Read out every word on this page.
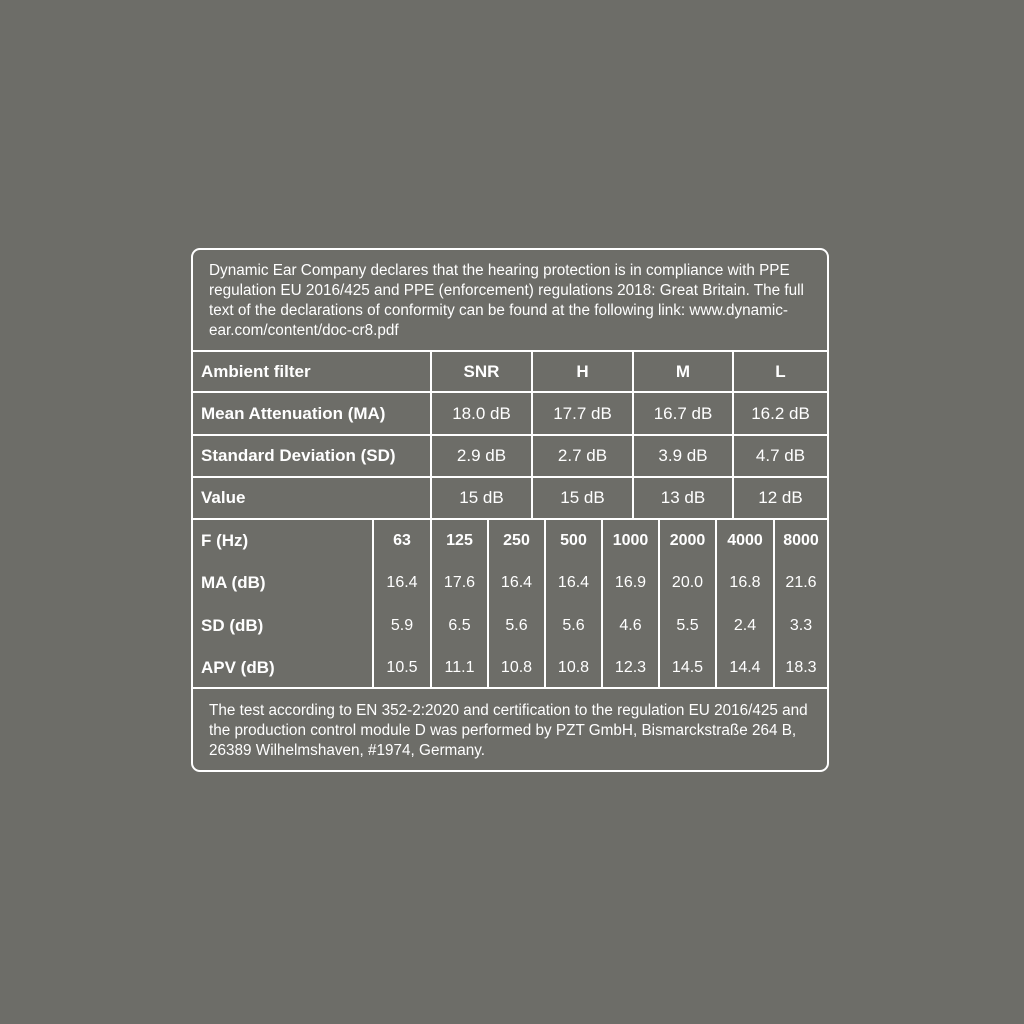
Dynamic Ear Company declares that the hearing protection is in compliance with PPE regulation EU 2016/425 and PPE (enforcement) regulations 2018: Great Britain. The full text of the declarations of conformity can be found at the following link: www.dynamic-ear.com/content/doc-cr8.pdf

Ambient filter	SNR	H	M	L
Mean Attenuation (MA)	18.0 dB	17.7 dB	16.7 dB	16.2 dB
Standard Deviation (SD)	2.9 dB	2.7 dB	3.9 dB	4.7 dB
Value	15 dB	15 dB	13 dB	12 dB
F (Hz)	63	125	250	500	1000	2000	4000	8000
MA (dB)	16.4	17.6	16.4	16.4	16.9	20.0	16.8	21.6
SD (dB)	5.9	6.5	5.6	5.6	4.6	5.5	2.4	3.3
APV (dB)	10.5	11.1	10.8	10.8	12.3	14.5	14.4	18.3

The test according to EN 352-2:2020 and certification to the regulation EU 2016/425 and the production control module D was performed by PZT GmbH, Bismarckstraße 264 B, 26389 Wilhelmshaven, #1974, Germany.
